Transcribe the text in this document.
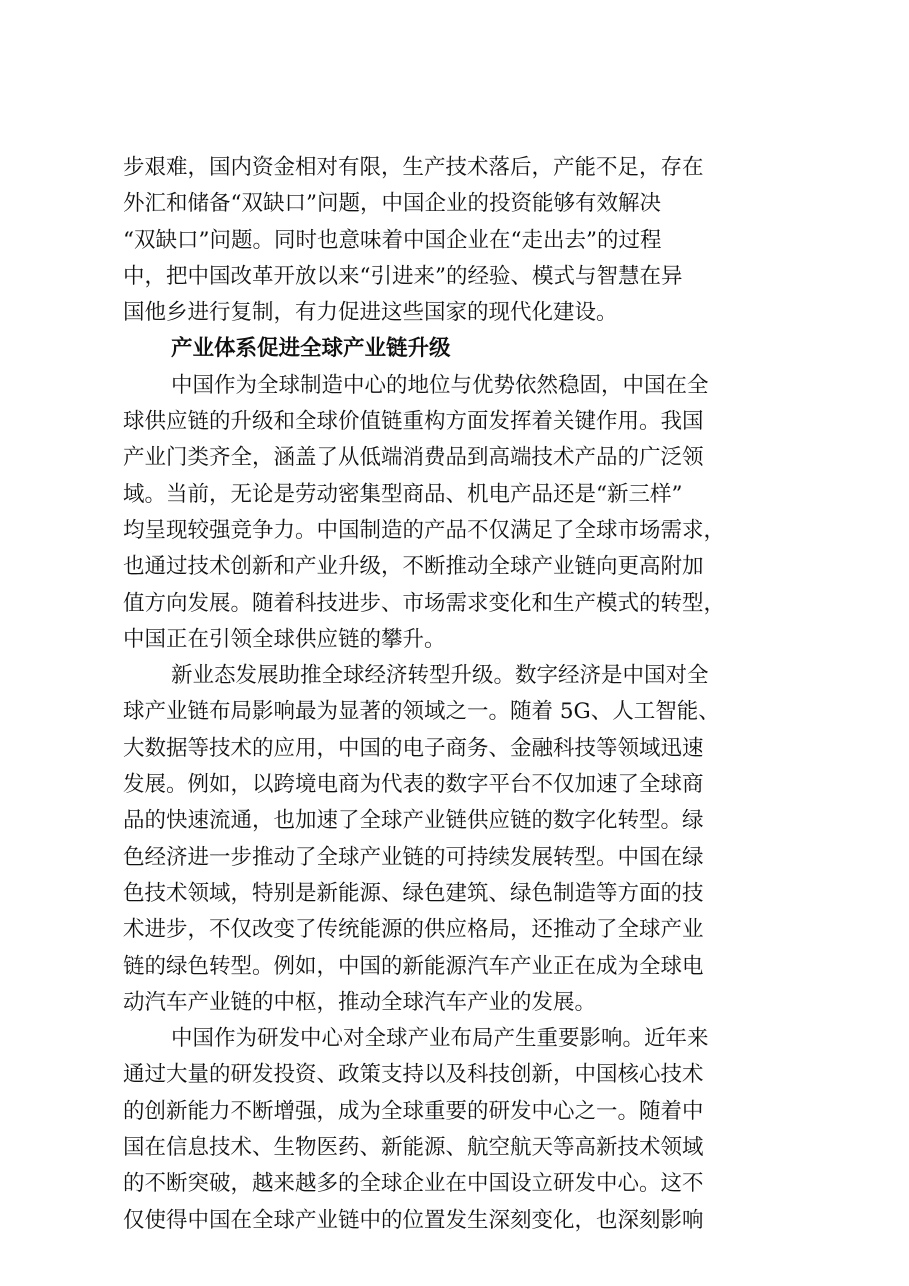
步艰难，国内资金相对有限，生产技术落后，产能不足，存在
外汇和储备“双缺口”问题，中国企业的投资能够有效解决
“双缺口”问题。同时也意味着中国企业在“走出去”的过程
中，把中国改革开放以来“引进来”的经验、模式与智慧在异
国他乡进行复制，有力促进这些国家的现代化建设。
产业体系促进全球产业链升级
中国作为全球制造中心的地位与优势依然稳固，中国在全
球供应链的升级和全球价值链重构方面发挥着关键作用。我国
产业门类齐全，涵盖了从低端消费品到高端技术产品的广泛领
域。当前，无论是劳动密集型商品、机电产品还是“新三样”
均呈现较强竞争力。中国制造的产品不仅满足了全球市场需求，
也通过技术创新和产业升级，不断推动全球产业链向更高附加
值方向发展。随着科技进步、市场需求变化和生产模式的转型，
中国正在引领全球供应链的攀升。
新业态发展助推全球经济转型升级。数字经济是中国对全
球产业链布局影响最为显著的领域之一。随着 5G、人工智能、
大数据等技术的应用，中国的电子商务、金融科技等领域迅速
发展。例如，以跨境电商为代表的数字平台不仅加速了全球商
品的快速流通，也加速了全球产业链供应链的数字化转型。绿
色经济进一步推动了全球产业链的可持续发展转型。中国在绿
色技术领域，特别是新能源、绿色建筑、绿色制造等方面的技
术进步，不仅改变了传统能源的供应格局，还推动了全球产业
链的绿色转型。例如，中国的新能源汽车产业正在成为全球电
动汽车产业链的中枢，推动全球汽车产业的发展。
中国作为研发中心对全球产业布局产生重要影响。近年来
通过大量的研发投资、政策支持以及科技创新，中国核心技术
的创新能力不断增强，成为全球重要的研发中心之一。随着中
国在信息技术、生物医药、新能源、航空航天等高新技术领域
的不断突破，越来越多的全球企业在中国设立研发中心。这不
仅使得中国在全球产业链中的位置发生深刻变化，也深刻影响
